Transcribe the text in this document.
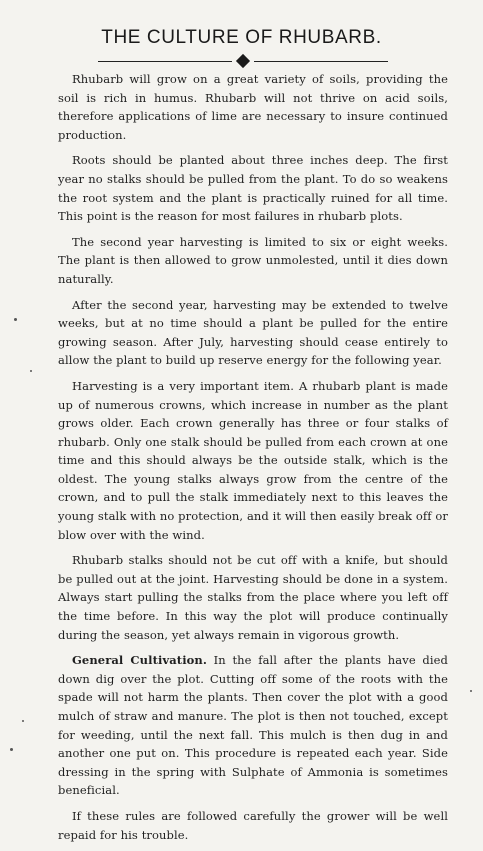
THE CULTURE OF RHUBARB.

Rhubarb will grow on a great variety of soils, providing the soil is rich in humus. Rhubarb will not thrive on acid soils, therefore applications of lime are necessary to insure continued production.

Roots should be planted about three inches deep. The first year no stalks should be pulled from the plant. To do so weakens the root system and the plant is practically ruined for all time. This point is the reason for most failures in rhubarb plots.

The second year harvesting is limited to six or eight weeks. The plant is then allowed to grow unmolested, until it dies down naturally.

After the second year, harvesting may be extended to twelve weeks, but at no time should a plant be pulled for the entire growing season. After July, harvesting should cease entirely to allow the plant to build up reserve energy for the following year.

Harvesting is a very important item. A rhubarb plant is made up of numerous crowns, which increase in number as the plant grows older. Each crown generally has three or four stalks of rhubarb. Only one stalk should be pulled from each crown at one time and this should always be the outside stalk, which is the oldest. The young stalks always grow from the centre of the crown, and to pull the stalk immediately next to this leaves the young stalk with no protection, and it will then easily break off or blow over with the wind.

Rhubarb stalks should not be cut off with a knife, but should be pulled out at the joint. Harvesting should be done in a system. Always start pulling the stalks from the place where you left off the time before. In this way the plot will produce continually during the season, yet always remain in vigorous growth.

General Cultivation. In the fall after the plants have died down dig over the plot. Cutting off some of the roots with the spade will not harm the plants. Then cover the plot with a good mulch of straw and manure. The plot is then not touched, except for weeding, until the next fall. This mulch is then dug in and another one put on. This procedure is repeated each year. Side dressing in the spring with Sulphate of Ammonia is sometimes beneficial.

If these rules are followed carefully the grower will be well repaid for his trouble.
